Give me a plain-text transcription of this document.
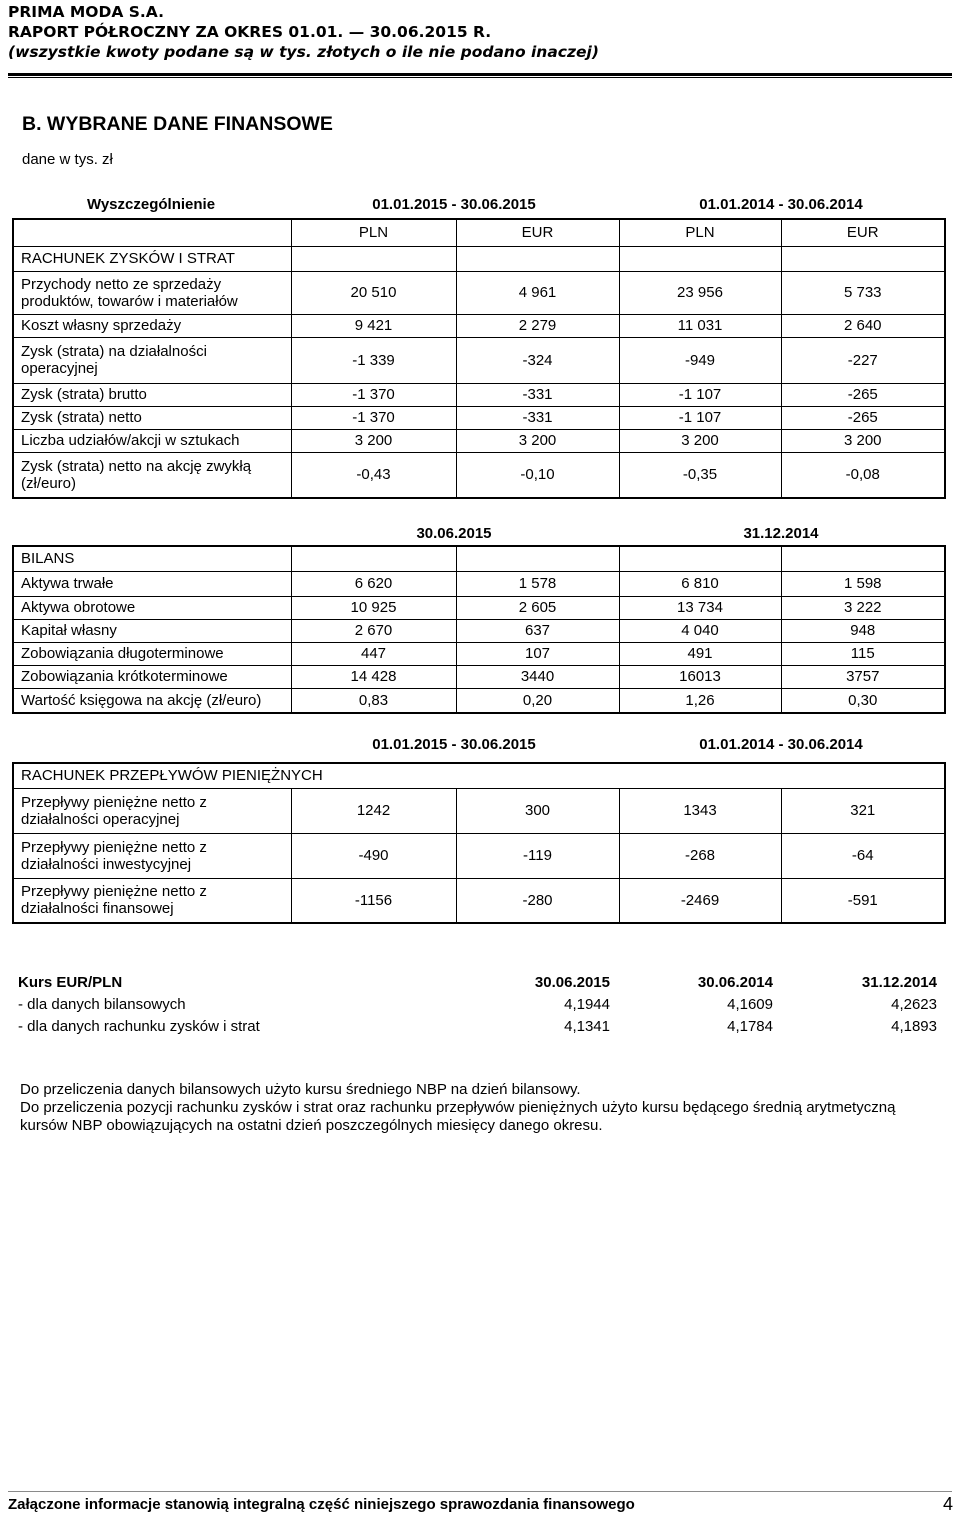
PRIMA MODA S.A.
RAPORT PÓŁROCZNY ZA OKRES 01.01. — 30.06.2015 R.
(wszystkie kwoty podane są w tys. złotych o ile nie podano inaczej)
B. WYBRANE DANE FINANSOWE
dane w tys. zł
Wyszczególnienie	01.01.2015 - 30.06.2015	01.01.2014 - 30.06.2014
	PLN	EUR	PLN	EUR
RACHUNEK ZYSKÓW I STRAT				

Przychody netto ze sprzedaży
produktów, towarów i materiałów	20 510	4 961	23 956	5 733

Koszt własny sprzedaży	9 421	2 279	11 031	2 640

Zysk (strata) na działalności
operacyjnej	-1 339	-324	-949	-227

Zysk (strata) brutto	-1 370	-331	-1 107	-265

Zysk (strata) netto	-1 370	-331	-1 107	-265

Liczba udziałów/akcji w sztukach	3 200	3 200	3 200	3 200

Zysk (strata) netto na akcję zwykłą
(zł/euro)	-0,43	-0,10	-0,35	-0,08
30.06.2015	31.12.2014
BILANS				
Aktywa trwałe	6 620	1 578	6 810	1 598
Aktywa obrotowe	10 925	2 605	13 734	3 222
Kapitał własny	2 670	637	4 040	948
Zobowiązania długoterminowe	447	107	491	115
Zobowiązania krótkoterminowe	14 428	3440	16013	3757
Wartość księgowa na akcję (zł/euro)	0,83	0,20	1,26	0,30
01.01.2015 - 30.06.2015	01.01.2014 - 30.06.2014
RACHUNEK PRZEPŁYWÓW PIENIĘŻNYCH				

Przepływy pieniężne netto z
działalności operacyjnej	1242	300	1343	321

Przepływy pieniężne netto z
działalności inwestycyjnej	-490	-119	-268	-64

Przepływy pieniężne netto z
działalności finansowej	-1156	-280	-2469	-591
Kurs EUR/PLN	30.06.2015	30.06.2014	31.12.2014
- dla danych bilansowych	4,1944	4,1609	4,2623
- dla danych rachunku zysków i strat	4,1341	4,1784	4,1893
Do przeliczenia danych bilansowych użyto kursu średniego NBP na dzień bilansowy.
Do przeliczenia pozycji rachunku zysków i strat oraz rachunku przepływów pieniężnych użyto kursu będącego średnią arytmetyczną
kursów NBP obowiązujących na ostatni dzień poszczególnych miesięcy danego okresu.
Załączone informacje stanowią integralną część niniejszego sprawozdania finansowego	4
